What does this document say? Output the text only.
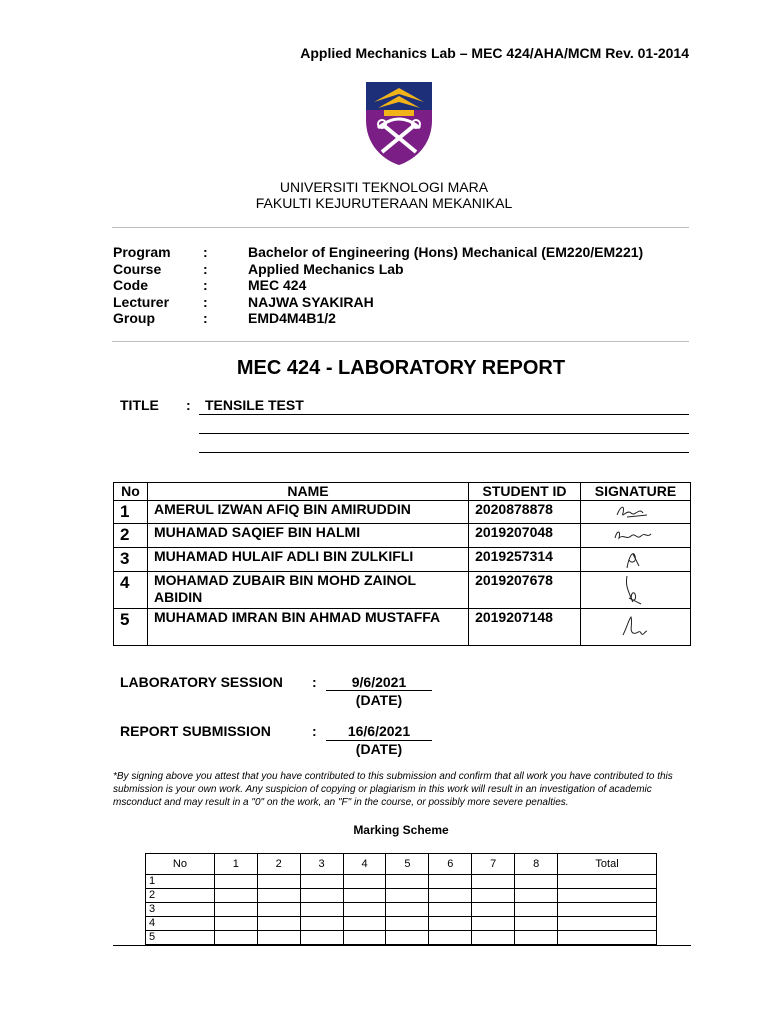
Applied Mechanics Lab – MEC 424/AHA/MCM Rev. 01-2014
UNIVERSITI TEKNOLOGI MARA
FAKULTI KEJURUTERAAN MEKANIKAL
Program :	Bachelor of Engineering (Hons) Mechanical (EM220/EM221)
Course	:	Applied Mechanics Lab
Code	:	MEC 424
Lecturer :	NAJWA SYAKIRAH
Group	:	EMD4M4B1/2
MEC 424 - LABORATORY REPORT
TITLE : TENSILE TEST
No	NAME	STUDENT ID	SIGNATURE
1	AMERUL IZWAN AFIQ BIN AMIRUDDIN	2020878878	

2	MUHAMAD SAQIEF BIN HALMI	2019207048	

3	MUHAMAD HULAIF ADLI BIN ZULKIFLI	2019257314	

4	MOHAMAD ZUBAIR BIN MOHD ZAINOL ABIDIN	2019207678	

5	MUHAMAD IMRAN BIN AHMAD MUSTAFFA	2019207148	
LABORATORY SESSION :	9/6/2021
(DATE)
REPORT SUBMISSION	:	16/6/2021
(DATE)
*By signing above you attest that you have contributed to this submission and confirm that all work you have contributed to this submission is your own work. Any suspicion of copying or plagiarism in this work will result in an investigation of academic msconduct and may result in a "0" on the work, an "F" in the course, or possibly more severe penalties.
Marking Scheme
No	1	2	3	4	5	6	7	8	Total
1									
2									
3									
4									
5									
